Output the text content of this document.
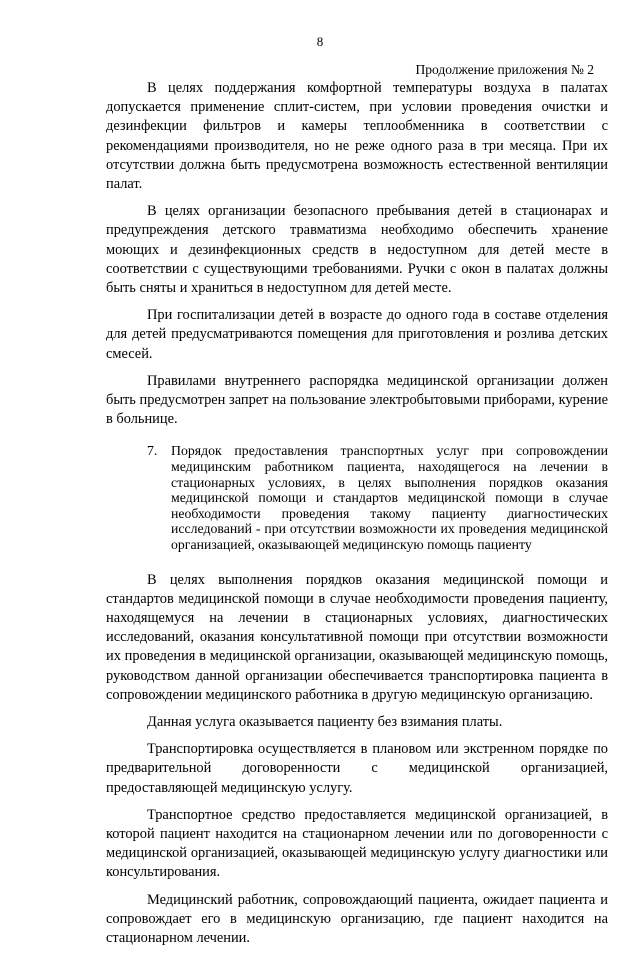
8
Продолжение приложения № 2

В целях поддержания комфортной температуры воздуха в палатах допускается применение сплит-систем, при условии проведения очистки и дезинфекции фильтров и камеры теплообменника в соответствии с рекомендациями производителя, но не реже одного раза в три месяца. При их отсутствии должна быть предусмотрена возможность естественной вентиляции палат.

В целях организации безопасного пребывания детей в стационарах и предупреждения детского травматизма необходимо обеспечить хранение моющих и дезинфекционных средств в недоступном для детей месте в соответствии с существующими требованиями. Ручки с окон в палатах должны быть сняты и храниться в недоступном для детей месте.

При госпитализации детей в возрасте до одного года в составе отделения для детей предусматриваются помещения для приготовления и розлива детских смесей.

Правилами внутреннего распорядка медицинской организации должен быть предусмотрен запрет на пользование электробытовыми приборами, курение в больнице.

7. Порядок предоставления транспортных услуг при сопровождении медицинским работником пациента, находящегося на лечении в стационарных условиях, в целях выполнения порядков оказания медицинской помощи и стандартов медицинской помощи в случае необходимости проведения такому пациенту диагностических исследований - при отсутствии возможности их проведения медицинской организацией, оказывающей медицинскую помощь пациенту

В целях выполнения порядков оказания медицинской помощи и стандартов медицинской помощи в случае необходимости проведения пациенту, находящемуся на лечении в стационарных условиях, диагностических исследований, оказания консультативной помощи при отсутствии возможности их проведения в медицинской организации, оказывающей медицинскую помощь, руководством данной организации обеспечивается транспортировка пациента в сопровождении медицинского работника в другую медицинскую организацию.

Данная услуга оказывается пациенту без взимания платы.

Транспортировка осуществляется в плановом или экстренном порядке по предварительной договоренности с медицинской организацией, предоставляющей медицинскую услугу.

Транспортное средство предоставляется медицинской организацией, в которой пациент находится на стационарном лечении или по договоренности с медицинской организацией, оказывающей медицинскую услугу диагностики или консультирования.

Медицинский работник, сопровождающий пациента, ожидает пациента и сопровождает его в медицинскую организацию, где пациент находится на стационарном лечении.
